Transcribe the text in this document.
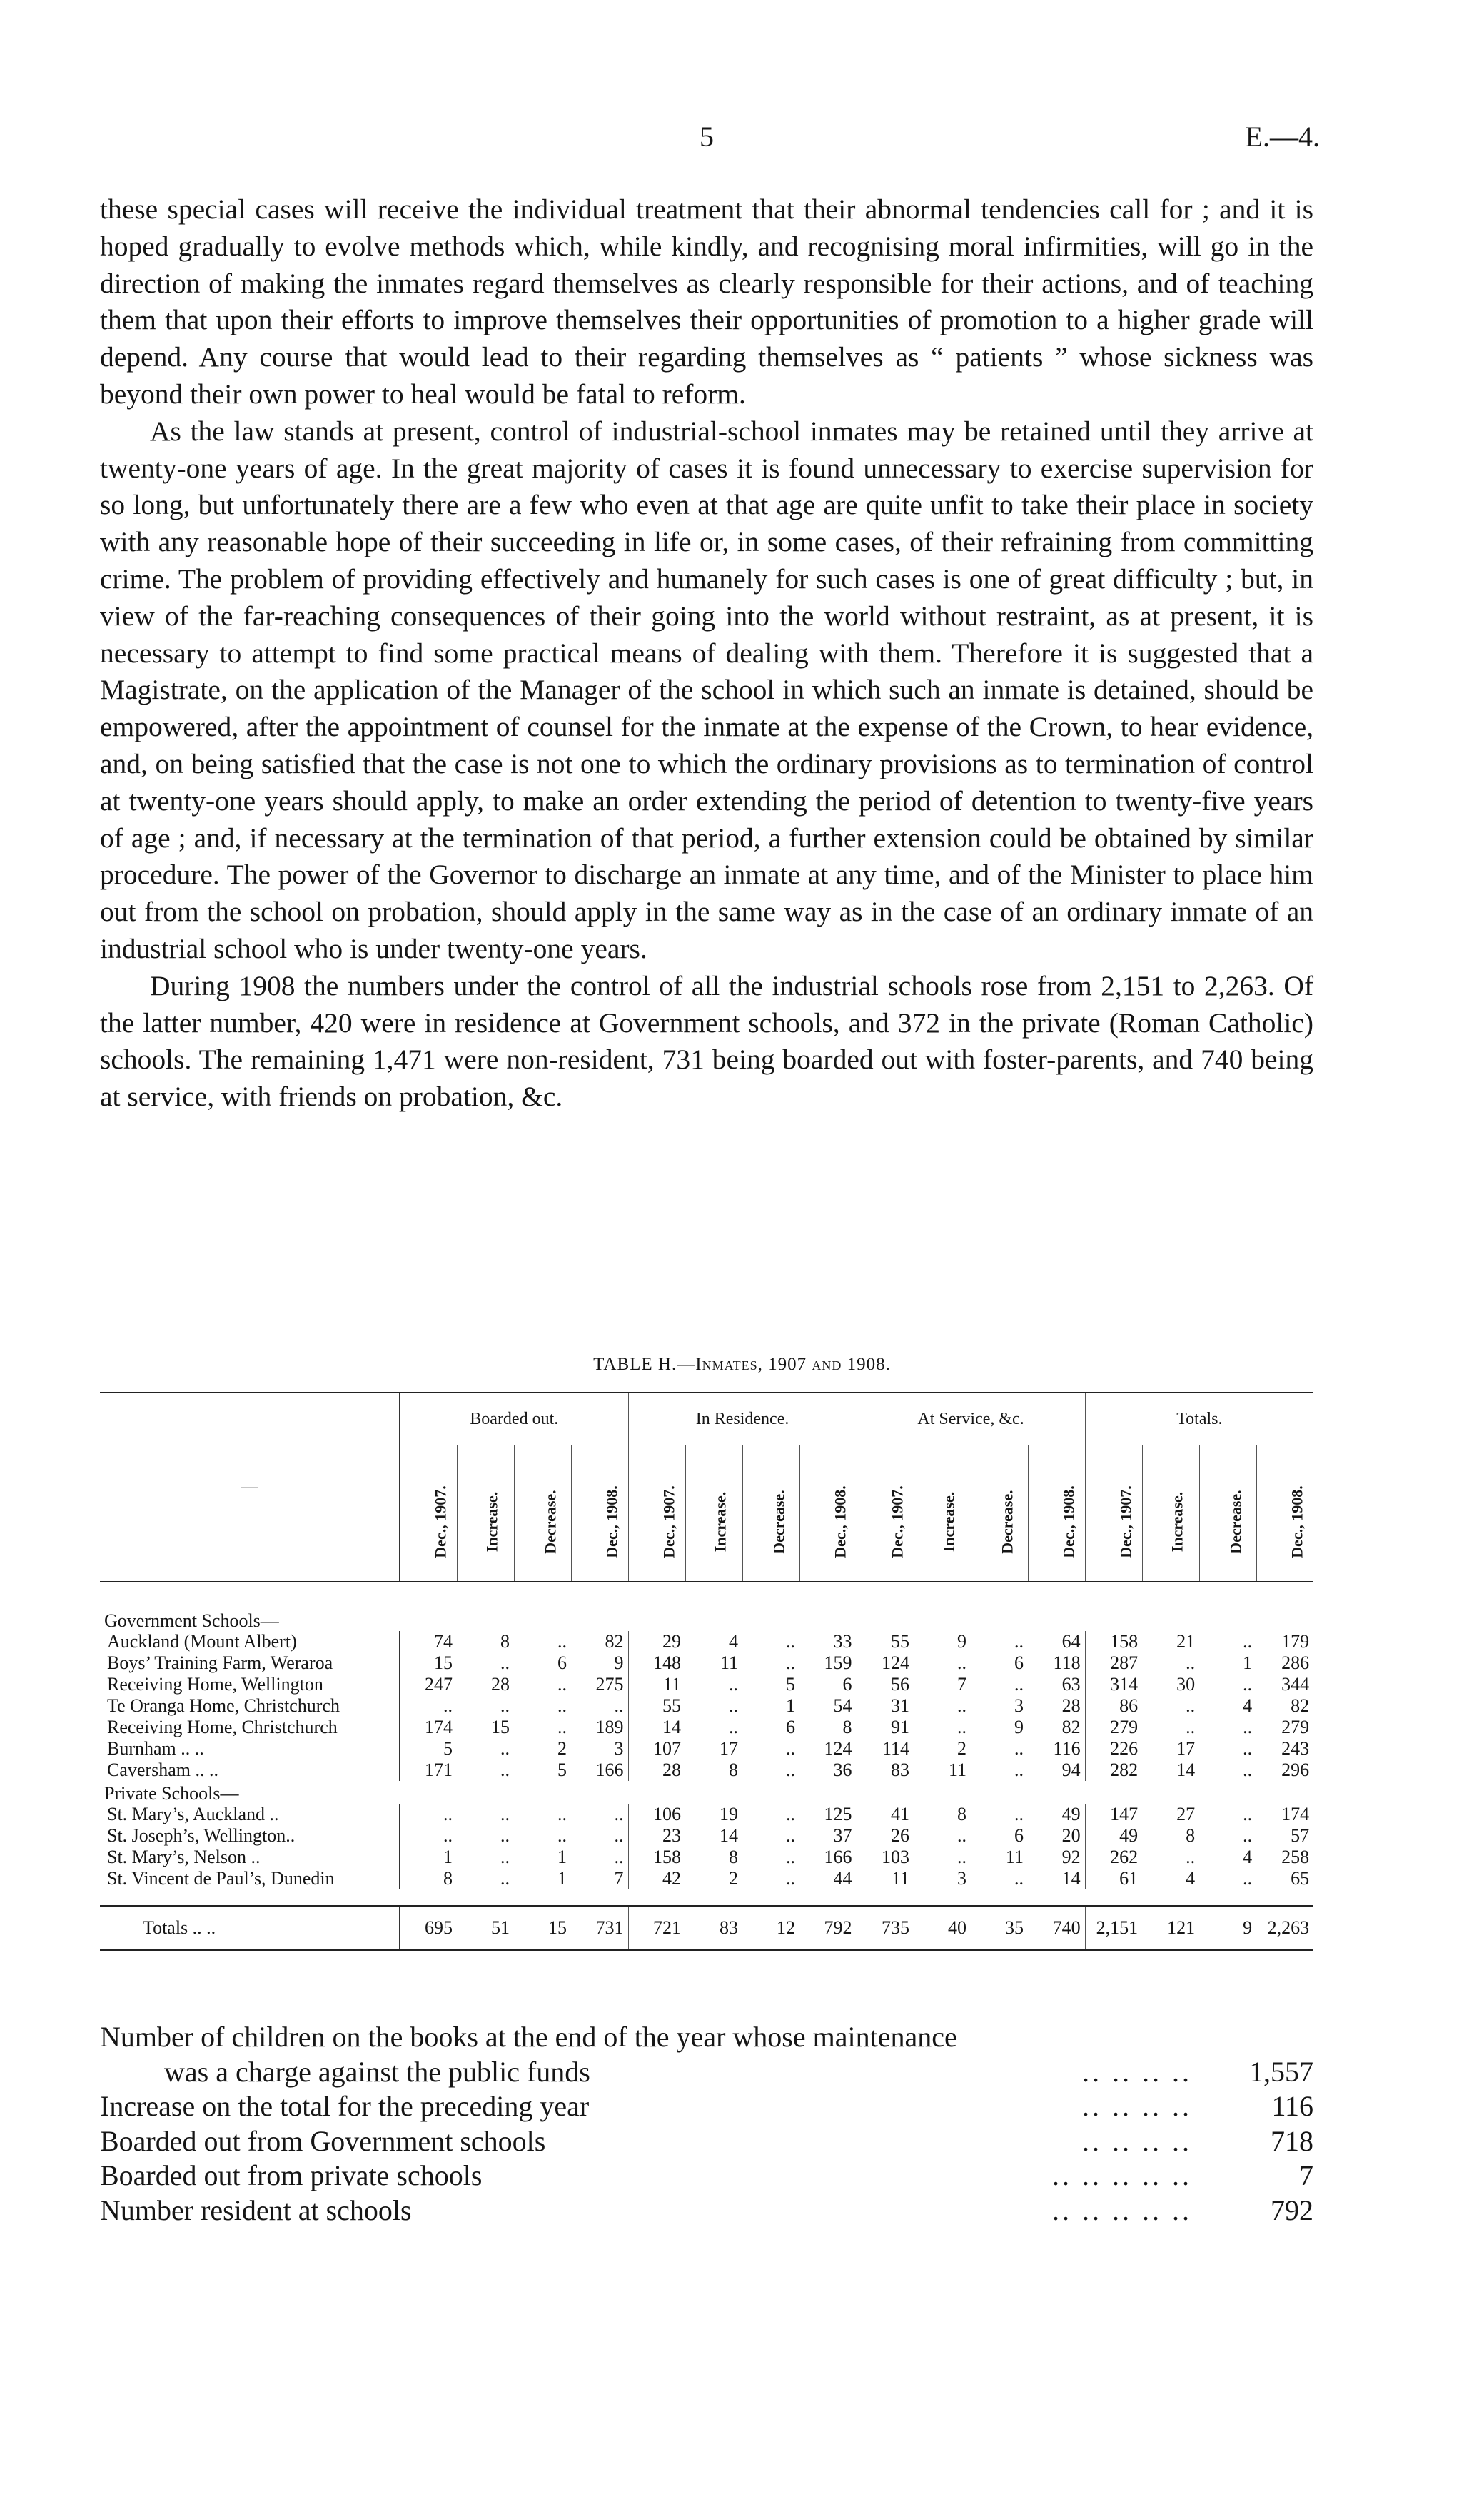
5	E.—4.

these special cases will receive the individual treatment that their abnormal tendencies call for ; and it is hoped gradually to evolve methods which, while kindly, and recognising moral infirmities, will go in the direction of making the inmates regard themselves as clearly responsible for their actions, and of teaching them that upon their efforts to improve themselves their opportunities of promotion to a higher grade will depend. Any course that would lead to their regarding themselves as “ patients ” whose sickness was beyond their own power to heal would be fatal to reform.

As the law stands at present, control of industrial-school inmates may be retained until they arrive at twenty-one years of age. In the great majority of cases it is found unnecessary to exercise supervision for so long, but unfortunately there are a few who even at that age are quite unfit to take their place in society with any reasonable hope of their succeeding in life or, in some cases, of their refraining from committing crime. The problem of providing effectively and humanely for such cases is one of great difficulty ; but, in view of the far-reaching consequences of their going into the world without restraint, as at present, it is necessary to attempt to find some practical means of dealing with them. Therefore it is suggested that a Magistrate, on the application of the Manager of the school in which such an inmate is detained, should be empowered, after the appointment of counsel for the inmate at the expense of the Crown, to hear evidence, and, on being satisfied that the case is not one to which the ordinary provisions as to termination of control at twenty-one years should apply, to make an order extending the period of detention to twenty-five years of age ; and, if necessary at the termination of that period, a further extension could be obtained by similar procedure. The power of the Governor to discharge an inmate at any time, and of the Minister to place him out from the school on probation, should apply in the same way as in the case of an ordinary inmate of an industrial school who is under twenty-one years.

During 1908 the numbers under the control of all the industrial schools rose from 2,151 to 2,263. Of the latter number, 420 were in residence at Government schools, and 372 in the private (Roman Catholic) schools. The remaining 1,471 were non-resident, 731 being boarded out with foster-parents, and 740 being at service, with friends on probation, &c.

TABLE H.—Inmates, 1907 and 1908.
—	Boarded out.				In Residence.				At Service, &c.				Totals.			
	Dec., 1907.	Increase.	Decrease.	Dec., 1908.	Dec., 1907.	Increase.	Decrease.	Dec., 1908.	Dec., 1907.	Increase.	Decrease.	Dec., 1908.	Dec., 1907.	Increase.	Decrease.	Dec., 1908.
Government Schools—																
Auckland (Mount Albert)	74	8	..	82	29	4	..	33	55	9	..	64	158	21	..	179
Boys’ Training Farm, Weraroa	15	..	6	9	148	11	..	159	124	..	6	118	287	..	1	286
Receiving Home, Wellington	247	28	..	275	11	..	5	6	56	7	..	63	314	30	..	344
Te Oranga Home, Christchurch	..	..	..	..	55	..	1	54	31	..	3	28	86	..	4	82
Receiving Home, Christchurch	174	15	..	189	14	..	6	8	91	..	9	82	279	..	..	279
Burnham .. ..	5	..	2	3	107	17	..	124	114	2	..	116	226	17	..	243
Caversham .. ..	171	..	5	166	28	8	..	36	83	11	..	94	282	14	..	296
Private Schools—																
St. Mary’s, Auckland ..	..	..	..	..	106	19	..	125	41	8	..	49	147	27	..	174
St. Joseph’s, Wellington..	..	..	..	..	23	14	..	37	26	..	6	20	49	8	..	57
St. Mary’s, Nelson ..	1	..	1	..	158	8	..	166	103	..	11	92	262	..	4	258
St. Vincent de Paul’s, Dunedin	8	..	1	7	42	2	..	44	11	3	..	14	61	4	..	65

Totals .. ..	695	51	15	731	721	83	12	792	735	40	35	740	2,151	121	9	2,263
Number of children on the books at the end of the year whose maintenance
was a charge against the public funds	.. .. .. ..	1,557
Increase on the total for the preceding year	.. .. .. ..	116
Boarded out from Government schools	.. .. .. ..	718
Boarded out from private schools	.. .. .. .. ..	7
Number resident at schools	.. .. .. .. ..	792
